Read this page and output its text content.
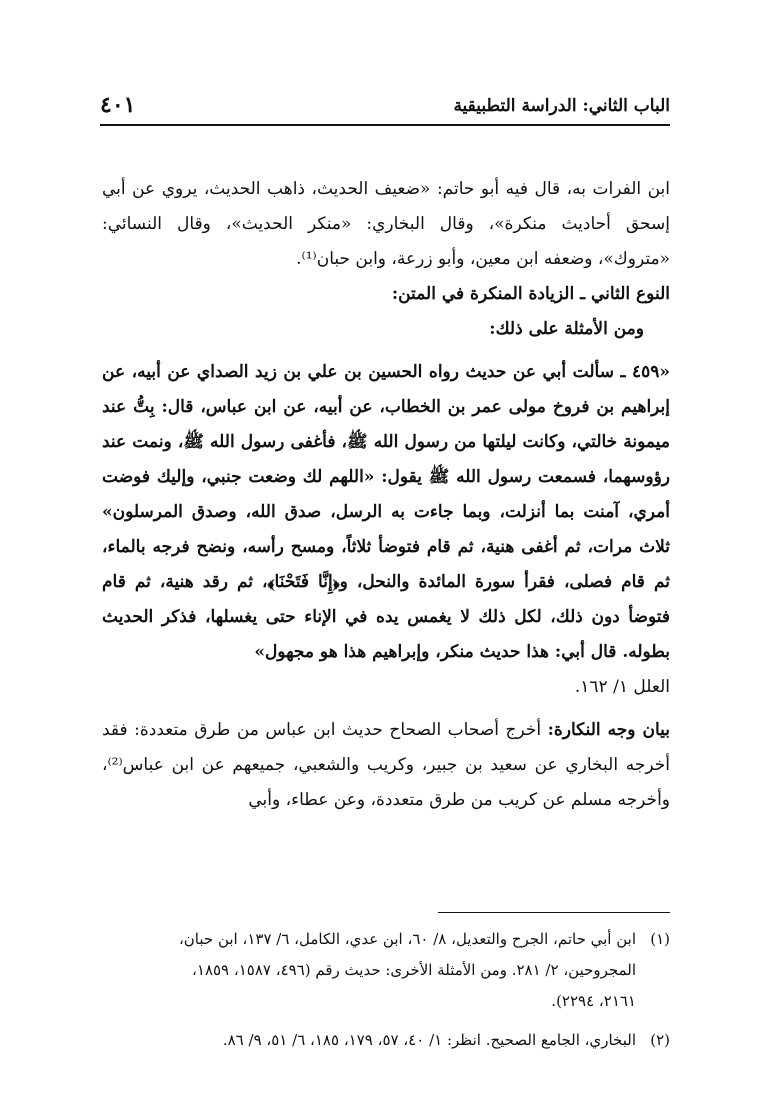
الباب الثاني: الدراسة التطبيقية
٤٠١

ابن الفرات به، قال فيه أبو حاتم: «ضعيف الحديث، ذاهب الحديث، يروي عن أبي إسحق أحاديث منكرة»، وقال البخاري: «منكر الحديث»، وقال النسائي: «متروك»، وضعفه ابن معين، وأبو زرعة، وابن حبان⁽¹⁾.

النوع الثاني ـ الزيادة المنكرة في المتن:

ومن الأمثلة على ذلك:

«٤٥٩ ـ سألت أبي عن حديث رواه الحسين بن علي بن زيد الصداي عن أبيه، عن إبراهيم بن فروخ مولى عمر بن الخطاب، عن أبيه، عن ابن عباس، قال: بِتُّ عند ميمونة خالتي، وكانت ليلتها من رسول الله ﷺ، فأغفى رسول الله ﷺ، ونمت عند رؤوسهما، فسمعت رسول الله ﷺ يقول: «اللهم لك وضعت جنبي، وإليك فوضت أمري، آمنت بما أنزلت، وبما جاءت به الرسل، صدق الله، وصدق المرسلون» ثلاث مرات، ثم أغفى هنية، ثم قام فتوضأ ثلاثاً، ومسح رأسه، ونضح فرجه بالماء، ثم قام فصلى، فقرأ سورة المائدة والنحل، و﴿إِنَّا فَتَحْنَا﴾، ثم رقد هنية، ثم قام فتوضأ دون ذلك، لكل ذلك لا يغمس يده في الإناء حتى يغسلها، فذكر الحديث بطوله. قال أبي: هذا حديث منكر، وإبراهيم هذا هو مجهول»

العلل ١/ ١٦٢.

بيان وجه النكارة: أخرج أصحاب الصحاح حديث ابن عباس من طرق متعددة: فقد أخرجه البخاري عن سعيد بن جبير، وكريب والشعبي، جميعهم عن ابن عباس⁽²⁾، وأخرجه مسلم عن كريب من طرق متعددة، وعن عطاء، وأبي

(١)ابن أبي حاتم، الجرح والتعديل، ٨/ ٦٠، ابن عدي، الكامل، ٦/ ١٣٧، ابن حبان،

المجروحين، ٢/ ٢٨١. ومن الأمثلة الأخرى: حديث رقم (٤٩٦، ١٥٨٧، ١٨٥٩،

٢١٦١، ٢٢٩٤).

(٢)البخاري، الجامع الصحيح. انظر: ١/ ٤٠، ٥٧، ١٧٩، ١٨٥، ٦/ ٥١، ٩/ ٨٦.
